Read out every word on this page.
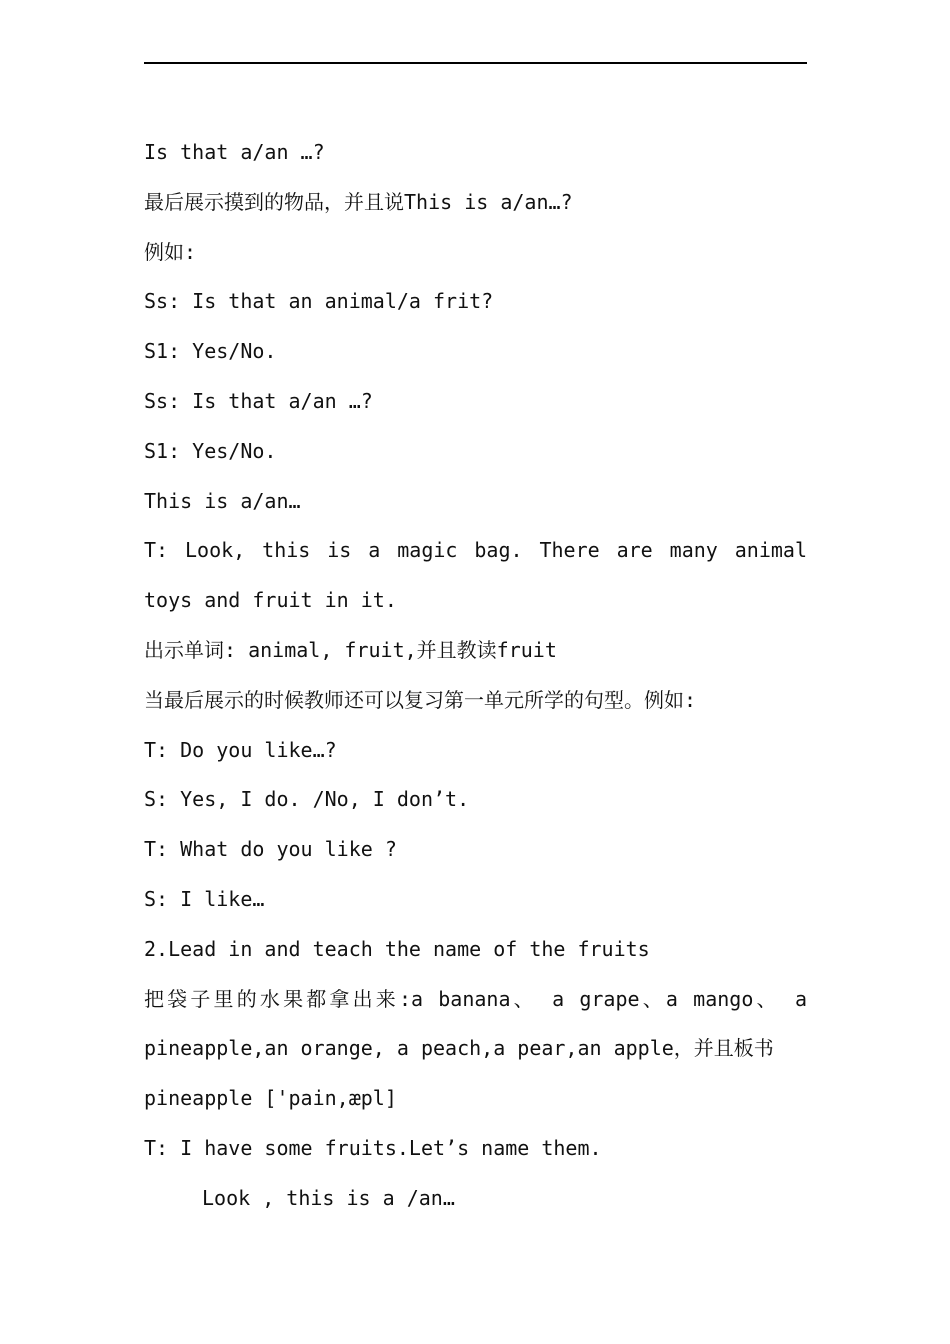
Is that a/an …?
最后展示摸到的物品，并且说This is a/an…?
例如:
Ss: Is that an animal/a frit?
S1: Yes/No.
Ss: Is that a/an …?
S1: Yes/No.
This is a/an…
T: Look, this is a magic bag. There are many animal
toys and fruit in it.
出示单词: animal, fruit,并且教读fruit
当最后展示的时候教师还可以复习第一单元所学的句型。例如:
T: Do you like…?
S: Yes, I do. /No, I don’t.
T: What do you like ?
S: I like…
2.Lead in and teach the name of the fruits
把袋子里的水果都拿出来:a banana、 a grape、a mango、 a
pineapple,an orange, a peach,a pear,an apple，并且板书
pineapple ['pain,æpl]
T: I have some fruits.Let’s name them.
Look , this is a /an…
